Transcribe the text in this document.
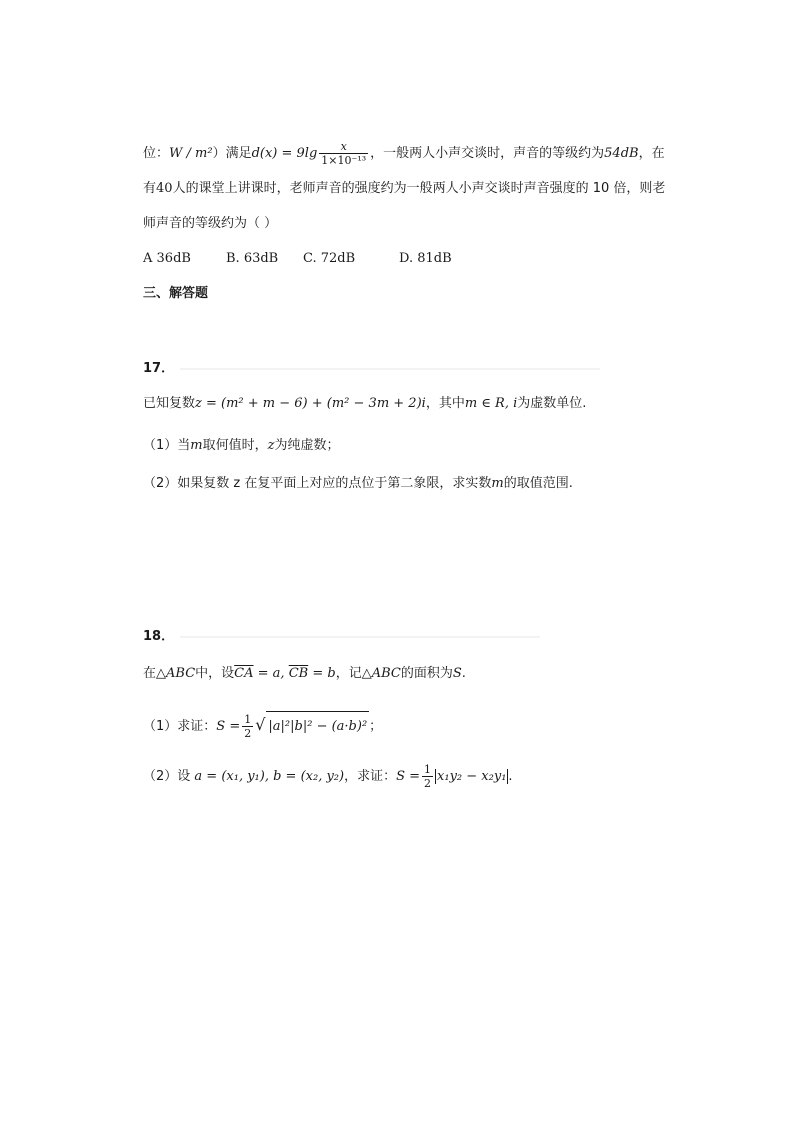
位：W / m²）满足$d(x) = 9\lg \frac{x}{\text{1×10⁻¹³}}$ ，一般两人小声交谈时，声音的等级约为54dB，在
有40人的课堂上讲课时，老师声音的强度约为一般两人小声交谈时声音强度的 10 倍，则老
师声音的等级约为（ ）
A 36dB	B. 63dB C. 72dB	D. 81dB
三、解答题
17．
已知复数z = (m² + m − 6) + (m² − 3m + 2)i，其中m ∈ R, i为虚数单位.
（1）当m取何值时，z为纯虚数；
（2）如果复数 z 在复平面上对应的点位于第二象限，求实数m的取值范围.
18．
在△ABC中，设$\overline{CA} = a$, $\overline{CB} = b$，记△ABC的面积为S.
（1）求证：$S = \frac{1}{2}$ √ |a|²|b|² − (a·b)² ；
（2）设 a = (x₁, y₁), b = (x₂, y₂)，求证：$S = \frac{1}{2} x_1y_2 - x_2y_1$ .
